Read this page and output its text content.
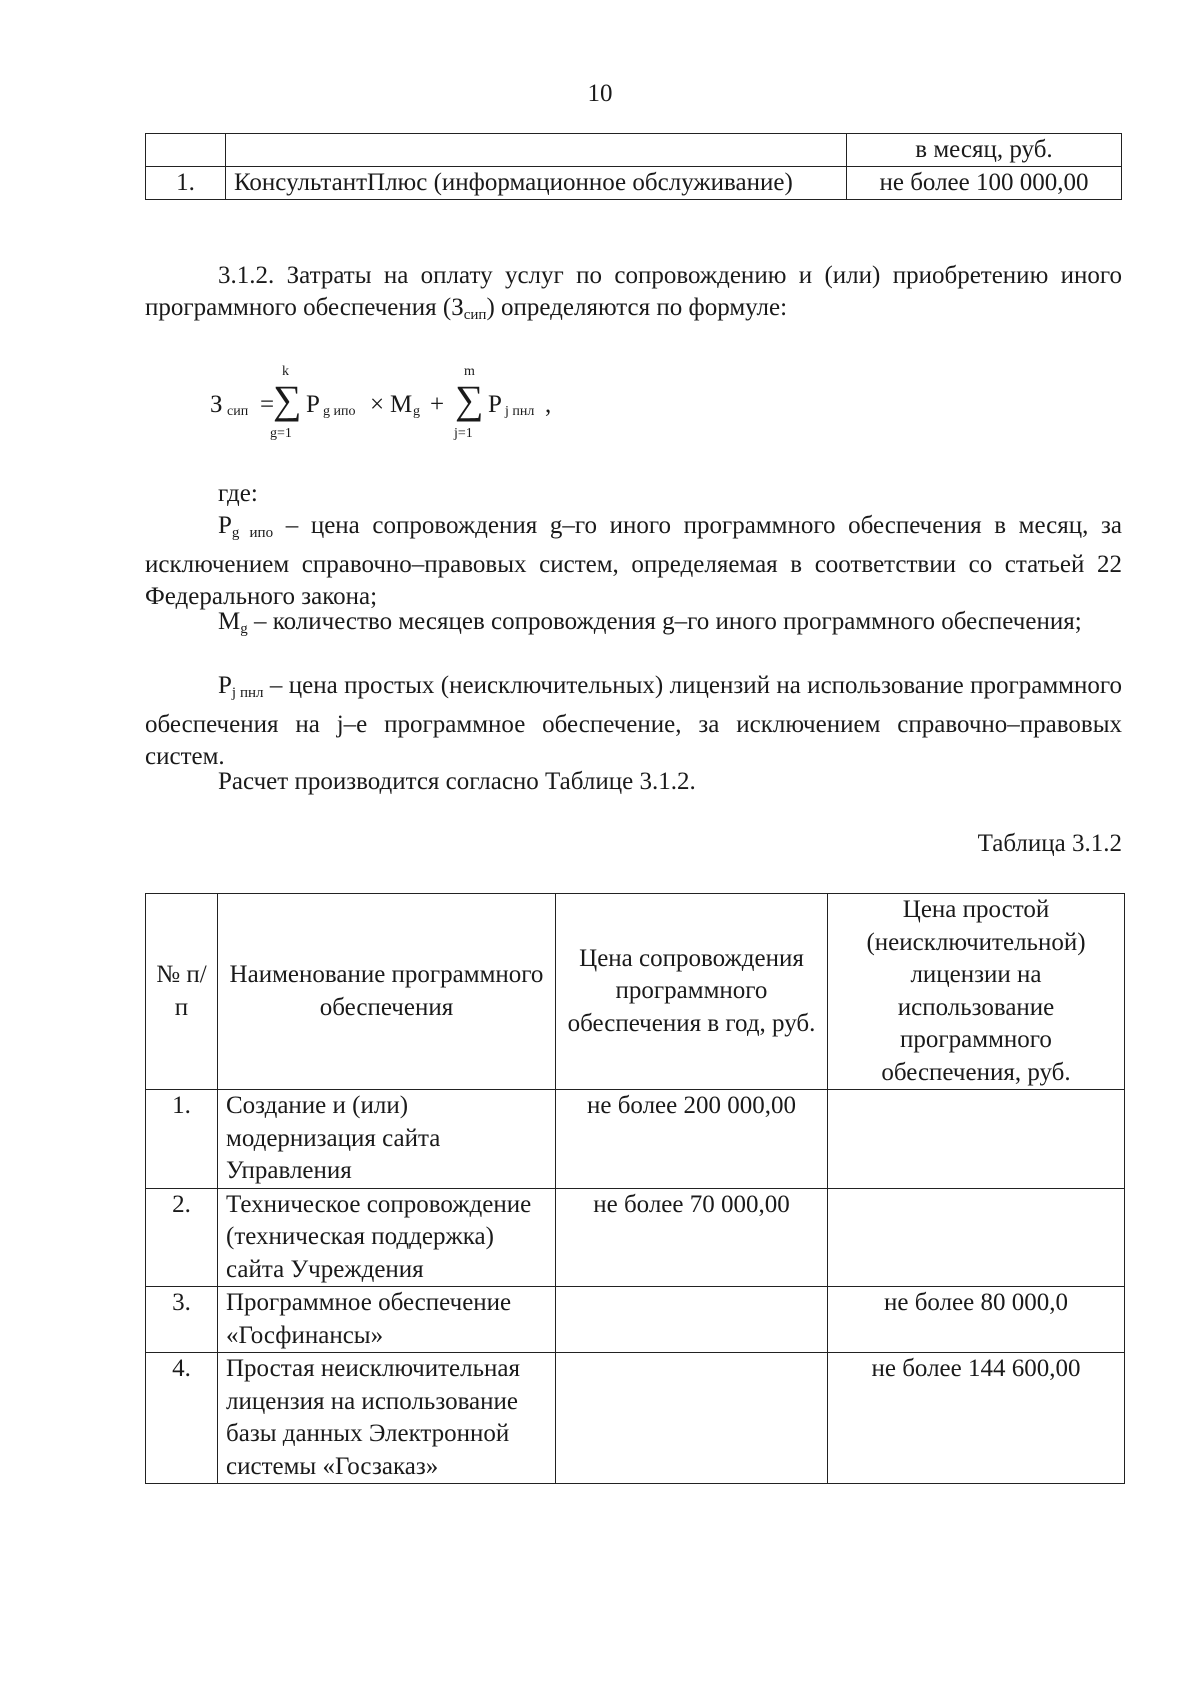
10
		в месяц, руб.
1.	КонсультантПлюс (информационное обслуживание)	не более 100 000,00
3.1.2. Затраты на оплату услуг по сопровождению и (или) приобретению иного программного обеспечения $(З_{сип})$ определяются по формуле:
З сип =
k
∑
g=1
P g ипо × M g +
m
∑
j=1
P j пнл ,
где:
$P_{g ипо}$ – цена сопровождения g–го иного программного обеспечения в месяц, за исключением справочно–правовых систем, определяемая в соответствии со статьей 22 Федерального закона;
$M_g$ – количество месяцев сопровождения g–го иного программного обеспечения;
$P_{j пнл}$ – цена простых (неисключительных) лицензий на использование программного обеспечения на j–е программное обеспечение, за исключением справочно–правовых систем.
Расчет производится согласно Таблице 3.1.2.
Таблица 3.1.2
№ п/п	Наименование программного обеспечения	Цена сопровождения программного обеспечения в год, руб.	Цена простой (неисключительной) лицензии на использование программного обеспечения, руб.
1.	Создание и (или) модернизация сайта Управления	не более 200 000,00	
2.	Техническое сопровождение (техническая поддержка) сайта Учреждения	не более 70 000,00	
3.	Программное обеспечение «Госфинансы»		не более 80 000,0
4.	Простая неисключительная лицензия на использование базы данных Электронной системы «Госзаказ»		не более 144 600,00
